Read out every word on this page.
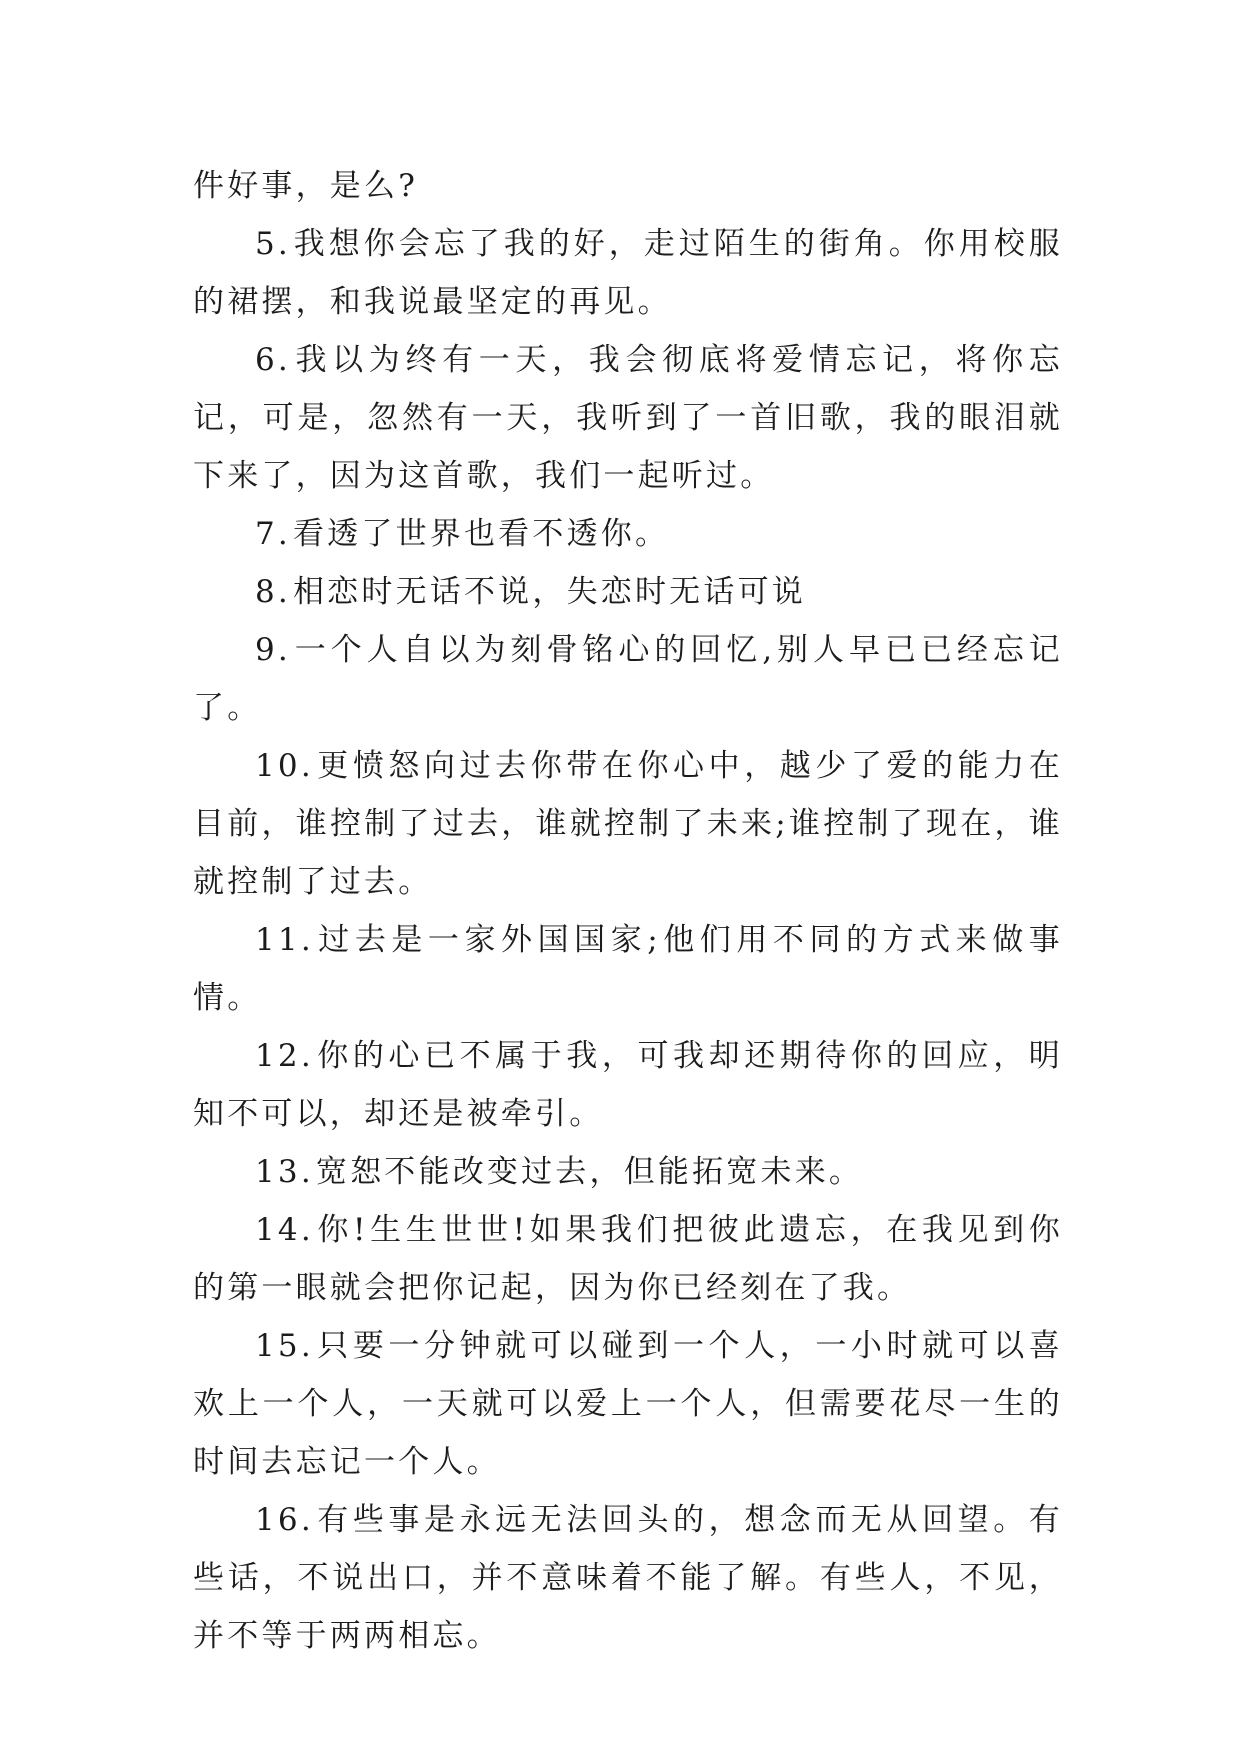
件好事，是么?

5.我想你会忘了我的好，走过陌生的街角。你用校服的裙摆，和我说最坚定的再见。

6.我以为终有一天，我会彻底将爱情忘记，将你忘记，可是，忽然有一天，我听到了一首旧歌，我的眼泪就下来了，因为这首歌，我们一起听过。

7.看透了世界也看不透你。

8.相恋时无话不说，失恋时无话可说

9.一个人自以为刻骨铭心的回忆,别人早已已经忘记了。

10.更愤怒向过去你带在你心中，越少了爱的能力在目前，谁控制了过去，谁就控制了未来;谁控制了现在，谁就控制了过去。

11.过去是一家外国国家;他们用不同的方式来做事情。

12.你的心已不属于我，可我却还期待你的回应，明知不可以，却还是被牵引。

13.宽恕不能改变过去，但能拓宽未来。

14.你!生生世世!如果我们把彼此遗忘，在我见到你的第一眼就会把你记起，因为你已经刻在了我。

15.只要一分钟就可以碰到一个人，一小时就可以喜欢上一个人，一天就可以爱上一个人，但需要花尽一生的时间去忘记一个人。

16.有些事是永远无法回头的，想念而无从回望。有些话，不说出口，并不意味着不能了解。有些人，不见，并不等于两两相忘。
